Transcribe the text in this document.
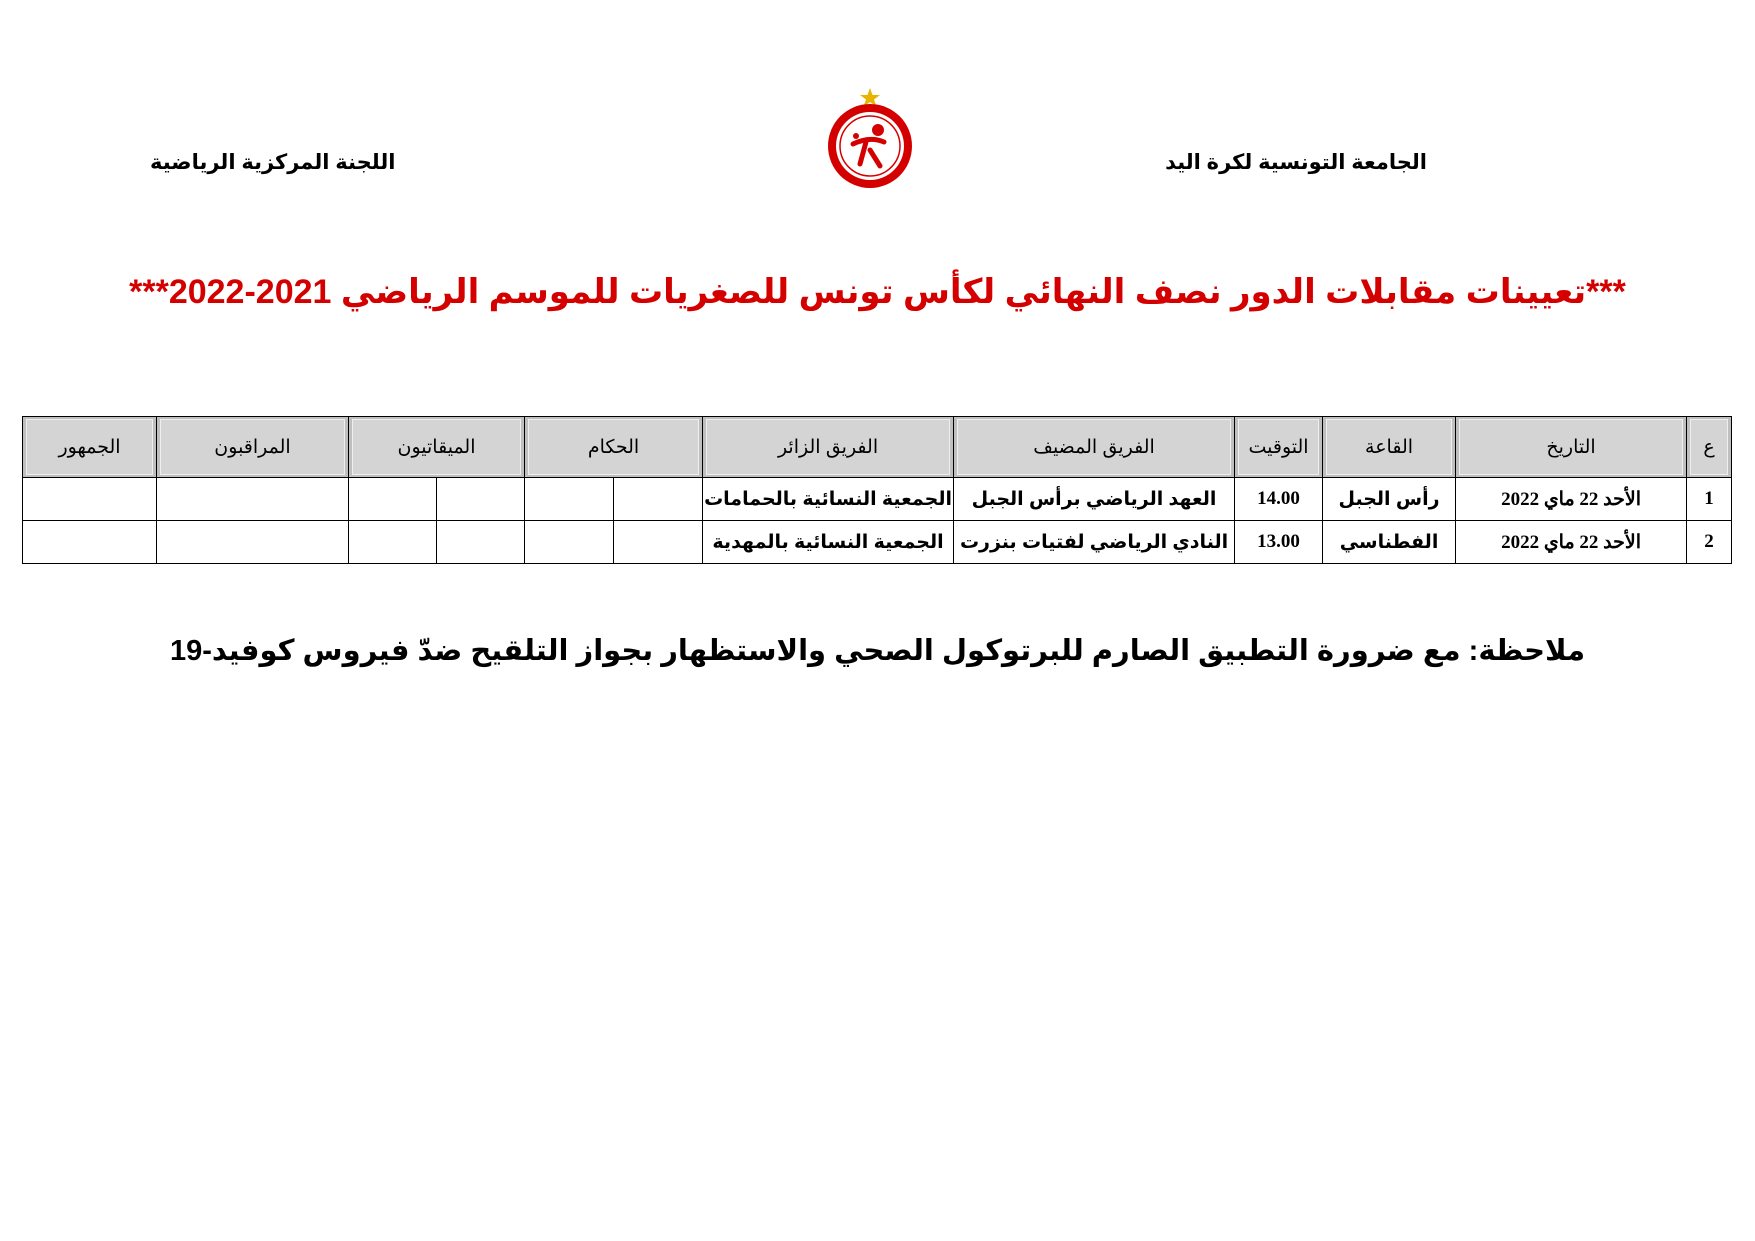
الجامعة التونسية لكرة اليد
اللجنة المركزية الرياضية
***تعيينات مقابلات الدور نصف النهائي لكأس تونس للصغريات للموسم الرياضي 2021-2022***
ع	التاريخ	القاعة	التوقيت	الفريق المضيف	الفريق الزائر	الحكام		الميقاتيون		المراقبون	الجمهور

1	الأحد 22 ماي 2022	رأس الجبل	14.00	العهد الرياضي برأس الجبل	الجمعية النسائية بالحمامات						
2	الأحد 22 ماي 2022	الفطناسي	13.00	النادي الرياضي لفتيات بنزرت	الجمعية النسائية بالمهدية						
ملاحظة: مع ضرورة التطبيق الصارم للبرتوكول الصحي والاستظهار بجواز التلقيح ضدّ فيروس كوفيد-19
